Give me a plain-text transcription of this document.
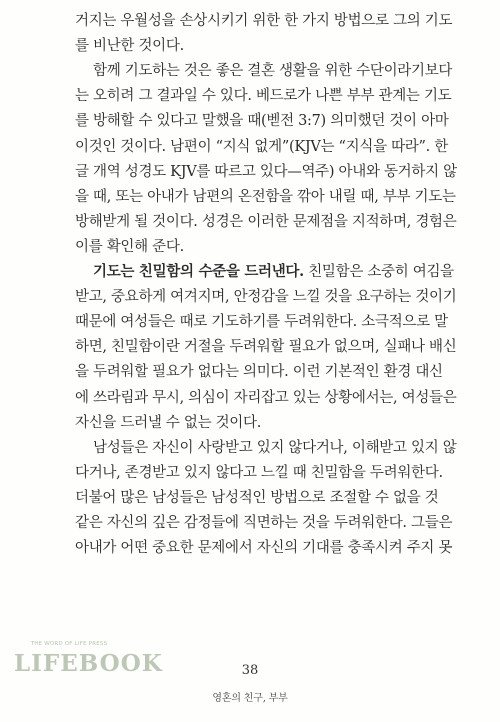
거지는 우월성을 손상시키기 위한 한 가지 방법으로 그의 기도
를 비난한 것이다.
함께 기도하는 것은 좋은 결혼 생활을 위한 수단이라기보다
는 오히려 그 결과일 수 있다. 베드로가 나쁜 부부 관계는 기도
를 방해할 수 있다고 말했을 때(벧전 3:7) 의미했던 것이 아마
이것인 것이다. 남편이 “지식 없게”(KJV는 “지식을 따라”. 한
글 개역 성경도 KJV를 따르고 있다—역주) 아내와 동거하지 않
을 때, 또는 아내가 남편의 온전함을 깎아 내릴 때, 부부 기도는
방해받게 될 것이다. 성경은 이러한 문제점을 지적하며, 경험은
이를 확인해 준다.
기도는 친밀함의 수준을 드러낸다. 친밀함은 소중히 여김을
받고, 중요하게 여겨지며, 안정감을 느낄 것을 요구하는 것이기
때문에 여성들은 때로 기도하기를 두려워한다. 소극적으로 말
하면, 친밀함이란 거절을 두려워할 필요가 없으며, 실패나 배신
을 두려워할 필요가 없다는 의미다. 이런 기본적인 환경 대신
에 쓰라림과 무시, 의심이 자리잡고 있는 상황에서는, 여성들은
자신을 드러낼 수 없는 것이다.
남성들은 자신이 사랑받고 있지 않다거나, 이해받고 있지 않
다거나, 존경받고 있지 않다고 느낄 때 친밀함을 두려워한다.
더불어 많은 남성들은 남성적인 방법으로 조절할 수 없을 것
같은 자신의 깊은 감정들에 직면하는 것을 두려워한다. 그들은
아내가 어떤 중요한 문제에서 자신의 기대를 충족시켜 주지 못
THE WORD OF LIFE PRESS
LIFEBOOK	38
영혼의 친구, 부부
